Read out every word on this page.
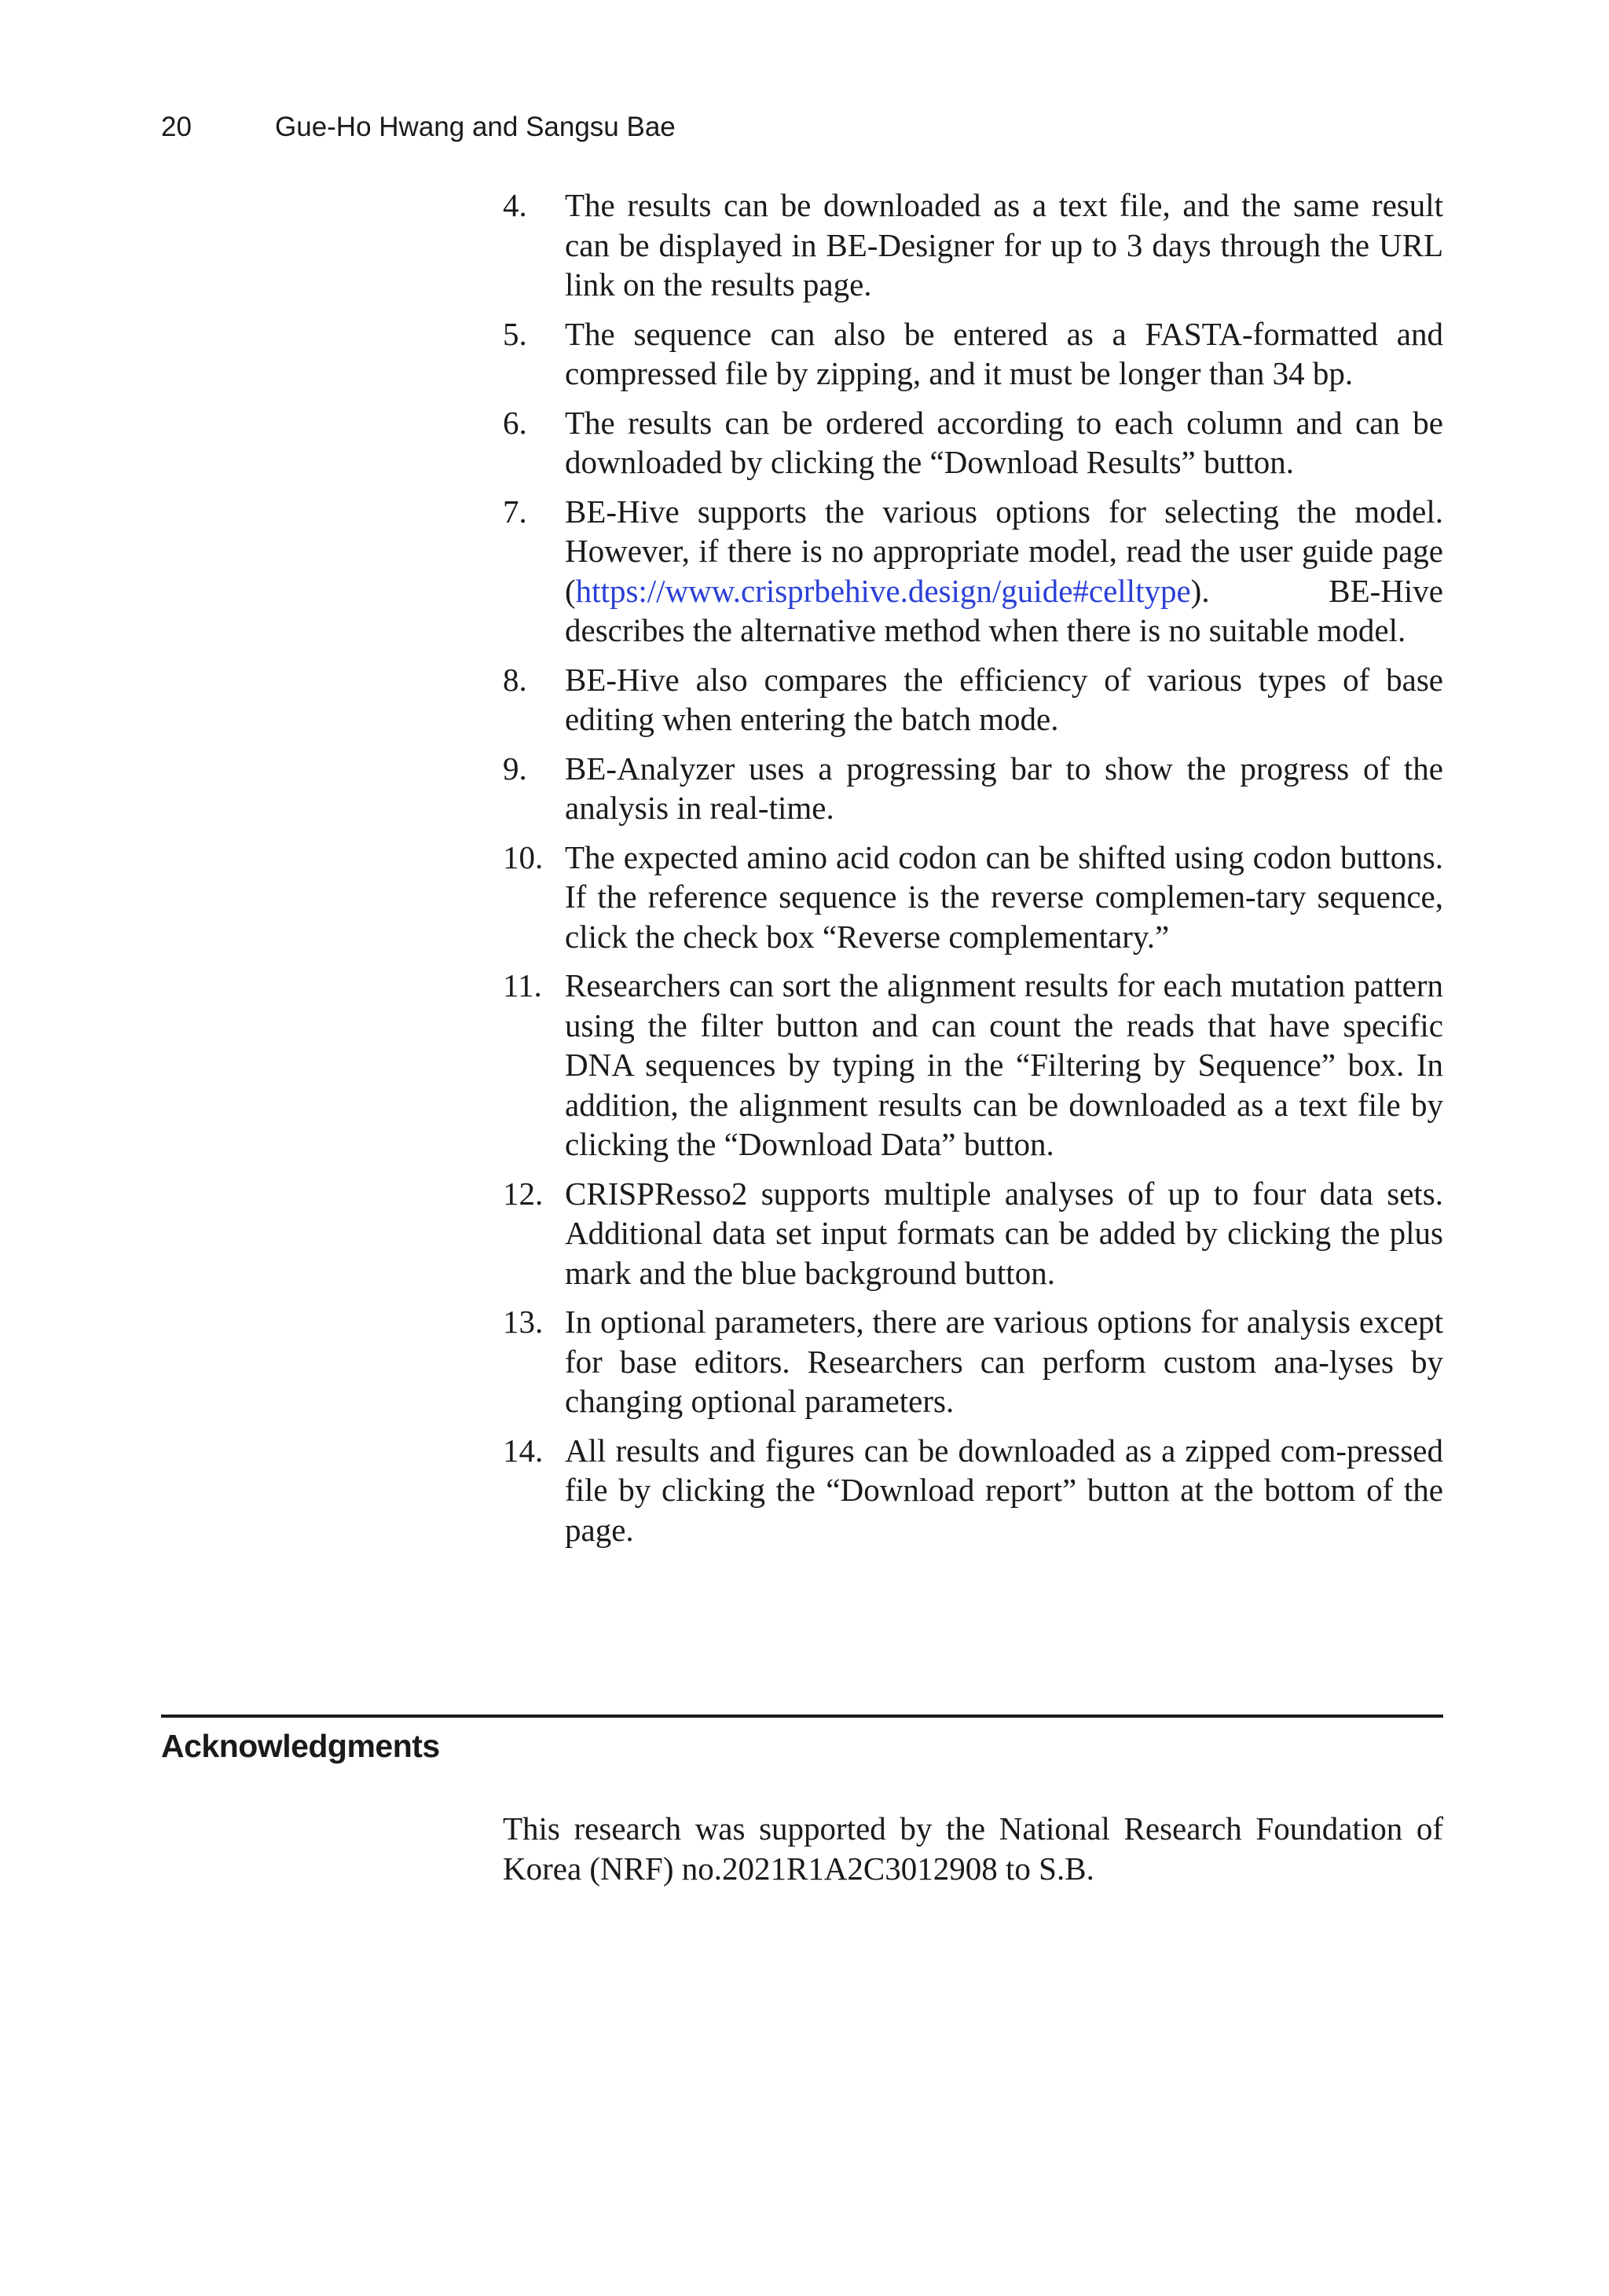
20	Gue-Ho Hwang and Sangsu Bae
4.	The results can be downloaded as a text file, and the same result can be displayed in BE-Designer for up to 3 days through the URL link on the results page.
5.	The sequence can also be entered as a FASTA-formatted and compressed file by zipping, and it must be longer than 34 bp.
6.	The results can be ordered according to each column and can be downloaded by clicking the “Download Results” button.
7.	BE-Hive supports the various options for selecting the model. However, if there is no appropriate model, read the user guide page (https://www.crisprbehive.design/guide#celltype). BE-Hive describes the alternative method when there is no suitable model.
8.	BE-Hive also compares the efficiency of various types of base editing when entering the batch mode.
9.	BE-Analyzer uses a progressing bar to show the progress of the analysis in real-time.
10. The expected amino acid codon can be shifted using codon buttons. If the reference sequence is the reverse complemen-tary sequence, click the check box “Reverse complementary.”
11. Researchers can sort the alignment results for each mutation pattern using the filter button and can count the reads that have specific DNA sequences by typing in the “Filtering by Sequence” box. In addition, the alignment results can be downloaded as a text file by clicking the “Download Data” button.
12. CRISPResso2 supports multiple analyses of up to four data sets. Additional data set input formats can be added by clicking the plus mark and the blue background button.
13. In optional parameters, there are various options for analysis except for base editors. Researchers can perform custom ana-lyses by changing optional parameters.
14. All results and figures can be downloaded as a zipped com-pressed file by clicking the “Download report” button at the bottom of the page.
Acknowledgments

This research was supported by the National Research Foundation of Korea (NRF) no.2021R1A2C3012908 to S.B.
